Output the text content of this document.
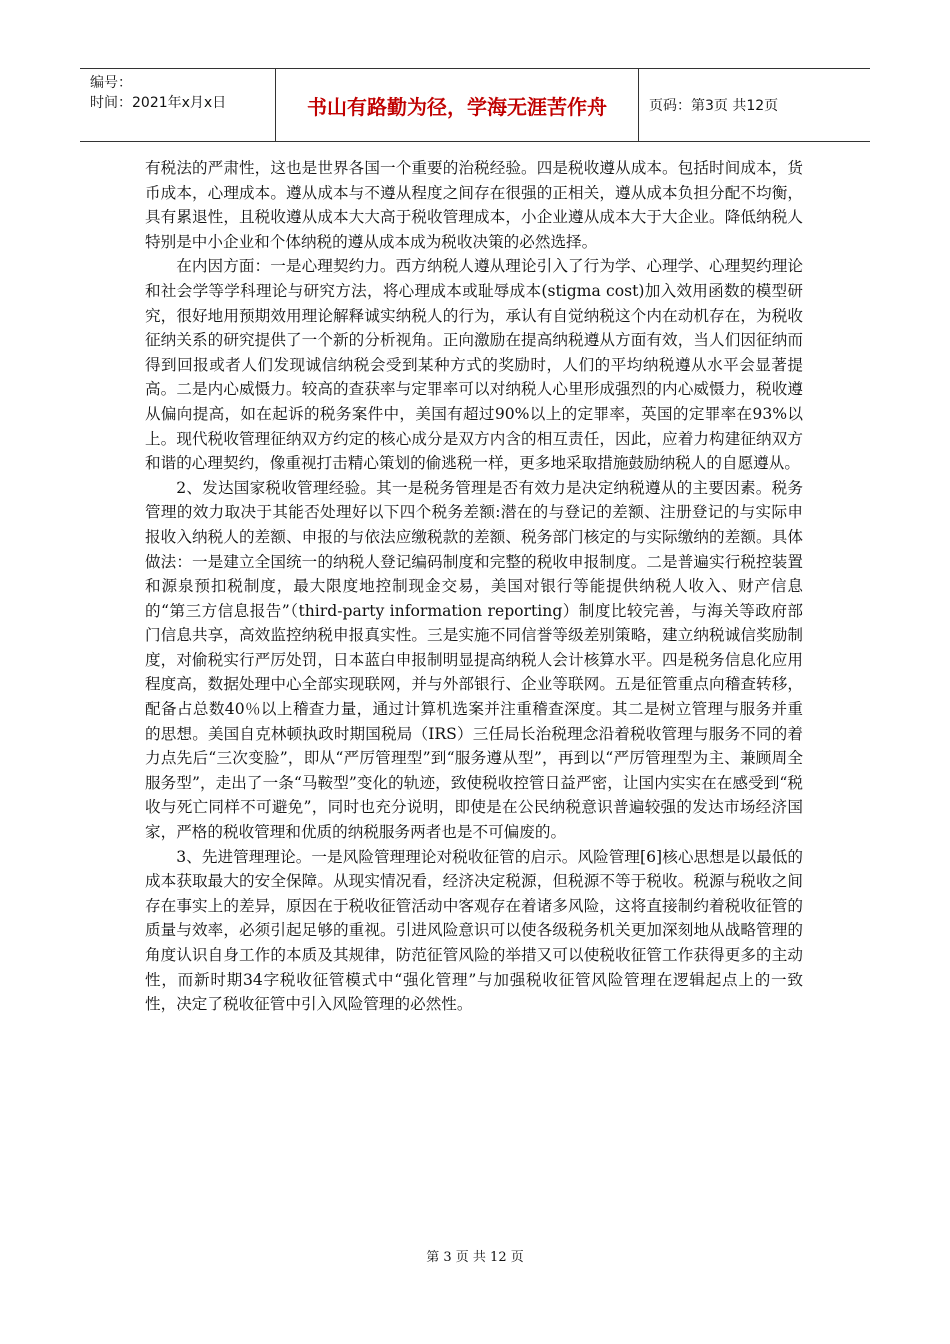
编号：
时间：2021年x月x日	书山有路勤为径，学海无涯苦作舟	页码：第3页 共12页

有税法的严肃性，这也是世界各国一个重要的治税经验。四是税收遵从成本。包括时间成本，货币成本，心理成本。遵从成本与不遵从程度之间存在很强的正相关，遵从成本负担分配不均衡，具有累退性，且税收遵从成本大大高于税收管理成本，小企业遵从成本大于大企业。降低纳税人特别是中小企业和个体纳税的遵从成本成为税收决策的必然选择。

在内因方面：一是心理契约力。西方纳税人遵从理论引入了行为学、心理学、心理契约理论和社会学等学科理论与研究方法，将心理成本或耻辱成本(stigma cost)加入效用函数的模型研究，很好地用预期效用理论解释诚实纳税人的行为，承认有自觉纳税这个内在动机存在，为税收征纳关系的研究提供了一个新的分析视角。正向激励在提高纳税遵从方面有效，当人们因征纳而得到回报或者人们发现诚信纳税会受到某种方式的奖励时，人们的平均纳税遵从水平会显著提高。二是内心威慑力。较高的查获率与定罪率可以对纳税人心里形成强烈的内心威慑力，税收遵从偏向提高，如在起诉的税务案件中，美国有超过90%以上的定罪率，英国的定罪率在93%以上。现代税收管理征纳双方约定的核心成分是双方内含的相互责任，因此，应着力构建征纳双方和谐的心理契约，像重视打击精心策划的偷逃税一样，更多地采取措施鼓励纳税人的自愿遵从。

2、发达国家税收管理经验。其一是税务管理是否有效力是决定纳税遵从的主要因素。税务管理的效力取决于其能否处理好以下四个税务差额:潜在的与登记的差额、注册登记的与实际申报收入纳税人的差额、申报的与依法应缴税款的差额、税务部门核定的与实际缴纳的差额。具体做法：一是建立全国统一的纳税人登记编码制度和完整的税收申报制度。二是普遍实行税控装置和源泉预扣税制度，最大限度地控制现金交易，美国对银行等能提供纳税人收入、财产信息的“第三方信息报告”（third-party information reporting）制度比较完善，与海关等政府部门信息共享，高效监控纳税申报真实性。三是实施不同信誉等级差别策略，建立纳税诚信奖励制度，对偷税实行严厉处罚，日本蓝白申报制明显提高纳税人会计核算水平。四是税务信息化应用程度高，数据处理中心全部实现联网，并与外部银行、企业等联网。五是征管重点向稽查转移，配备占总数40％以上稽查力量，通过计算机选案并注重稽查深度。其二是树立管理与服务并重的思想。美国自克林顿执政时期国税局（IRS）三任局长治税理念沿着税收管理与服务不同的着力点先后“三次变脸”，即从“严厉管理型”到“服务遵从型”，再到以“严厉管理型为主、兼顾周全服务型”，走出了一条“马鞍型”变化的轨迹，致使税收控管日益严密，让国内实实在在感受到“税收与死亡同样不可避免”，同时也充分说明，即使是在公民纳税意识普遍较强的发达市场经济国家，严格的税收管理和优质的纳税服务两者也是不可偏废的。

3、先进管理理论。一是风险管理理论对税收征管的启示。风险管理[6]核心思想是以最低的成本获取最大的安全保障。从现实情况看，经济决定税源，但税源不等于税收。税源与税收之间存在事实上的差异，原因在于税收征管活动中客观存在着诸多风险，这将直接制约着税收征管的质量与效率，必须引起足够的重视。引进风险意识可以使各级税务机关更加深刻地从战略管理的角度认识自身工作的本质及其规律，防范征管风险的举措又可以使税收征管工作获得更多的主动性，而新时期34字税收征管模式中“强化管理”与加强税收征管风险管理在逻辑起点上的一致性，决定了税收征管中引入风险管理的必然性。

第 3 页 共 12 页
